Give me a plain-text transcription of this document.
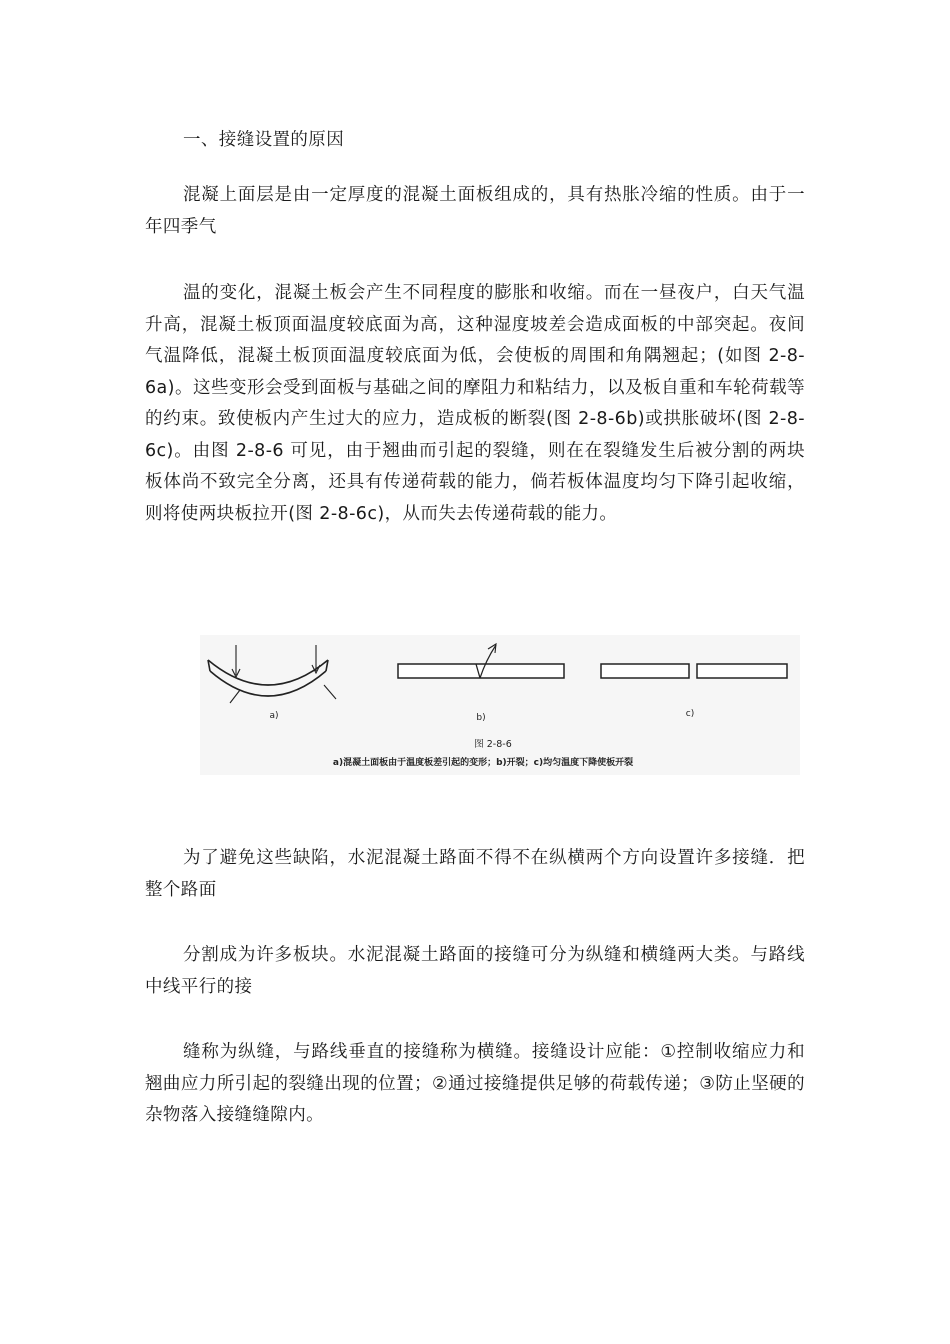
一、接缝设置的原因

混凝上面层是由一定厚度的混凝土面板组成的，具有热胀冷缩的性质。由于一年四季气

温的变化，混凝土板会产生不同程度的膨胀和收缩。而在一昼夜户，白天气温升高，混凝土板顶面温度较底面为高，这种湿度坡差会造成面板的中部突起。夜间气温降低，混凝土板顶面温度较底面为低，会使板的周围和角隅翘起；(如图 2-8-6a)。这些变形会受到面板与基础之间的摩阻力和粘结力，以及板自重和车轮荷载等的约束。致使板内产生过大的应力，造成板的断裂(图 2-8-6b)或拱胀破坏(图 2-8-6c)。由图 2-8-6 可见，由于翘曲而引起的裂缝，则在在裂缝发生后被分割的两块板体尚不致完全分离，还具有传递荷载的能力，倘若板体温度均匀下降引起收缩，则将使两块板拉开(图 2-8-6c)，从而失去传递荷载的能力。

a)	b)	c)
图 2-8-6
a)混凝土面板由于温度板差引起的变形；b)开裂；c)均匀温度下降使板开裂

为了避免这些缺陷，水泥混凝土路面不得不在纵横两个方向设置许多接缝．把整个路面

分割成为许多板块。水泥混凝土路面的接缝可分为纵缝和横缝两大类。与路线中线平行的接

缝称为纵缝，与路线垂直的接缝称为横缝。接缝设计应能：①控制收缩应力和翘曲应力所引起的裂缝出现的位置；②通过接缝提供足够的荷载传递；③防止坚硬的杂物落入接缝缝隙内。
